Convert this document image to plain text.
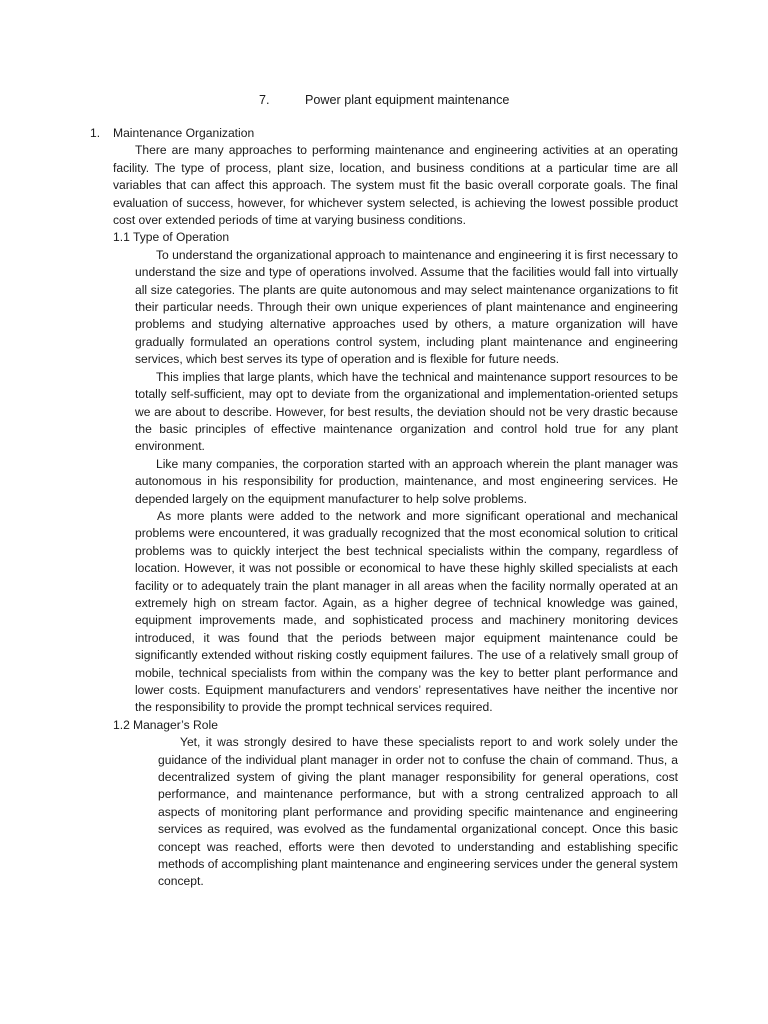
7.	Power plant equipment maintenance
1. Maintenance Organization

There are many approaches to performing maintenance and engineering activities at an operating facility. The type of process, plant size, location, and business conditions at a particular time are all variables that can affect this approach. The system must fit the basic overall corporate goals. The final evaluation of success, however, for whichever system selected, is achieving the lowest possible product cost over extended periods of time at varying business conditions.

1.1 Type of Operation

To understand the organizational approach to maintenance and engineering it is first necessary to understand the size and type of operations involved. Assume that the facilities would fall into virtually all size categories. The plants are quite autonomous and may select maintenance organizations to fit their particular needs. Through their own unique experiences of plant maintenance and engineering problems and studying alternative approaches used by others, a mature organization will have gradually formulated an operations control system, including plant maintenance and engineering services, which best serves its type of operation and is flexible for future needs.

This implies that large plants, which have the technical and maintenance support resources to be totally self-sufficient, may opt to deviate from the organizational and implementation-oriented setups we are about to describe. However, for best results, the deviation should not be very drastic because the basic principles of effective maintenance organization and control hold true for any plant environment.

Like many companies, the corporation started with an approach wherein the plant manager was autonomous in his responsibility for production, maintenance, and most engineering services. He depended largely on the equipment manufacturer to help solve problems.

As more plants were added to the network and more significant operational and mechanical problems were encountered, it was gradually recognized that the most economical solution to critical problems was to quickly interject the best technical specialists within the company, regardless of location. However, it was not possible or economical to have these highly skilled specialists at each facility or to adequately train the plant manager in all areas when the facility normally operated at an extremely high on stream factor. Again, as a higher degree of technical knowledge was gained, equipment improvements made, and sophisticated process and machinery monitoring devices introduced, it was found that the periods between major equipment maintenance could be significantly extended without risking costly equipment failures. The use of a relatively small group of mobile, technical specialists from within the company was the key to better plant performance and lower costs. Equipment manufacturers and vendors’ representatives have neither the incentive nor the responsibility to provide the prompt technical services required.

1.2 Manager’s Role

Yet, it was strongly desired to have these specialists report to and work solely under the guidance of the individual plant manager in order not to confuse the chain of command. Thus, a decentralized system of giving the plant manager responsibility for general operations, cost performance, and maintenance performance, but with a strong centralized approach to all aspects of monitoring plant performance and providing specific maintenance and engineering services as required, was evolved as the fundamental organizational concept. Once this basic concept was reached, efforts were then devoted to understanding and establishing specific methods of accomplishing plant maintenance and engineering services under the general system concept.
